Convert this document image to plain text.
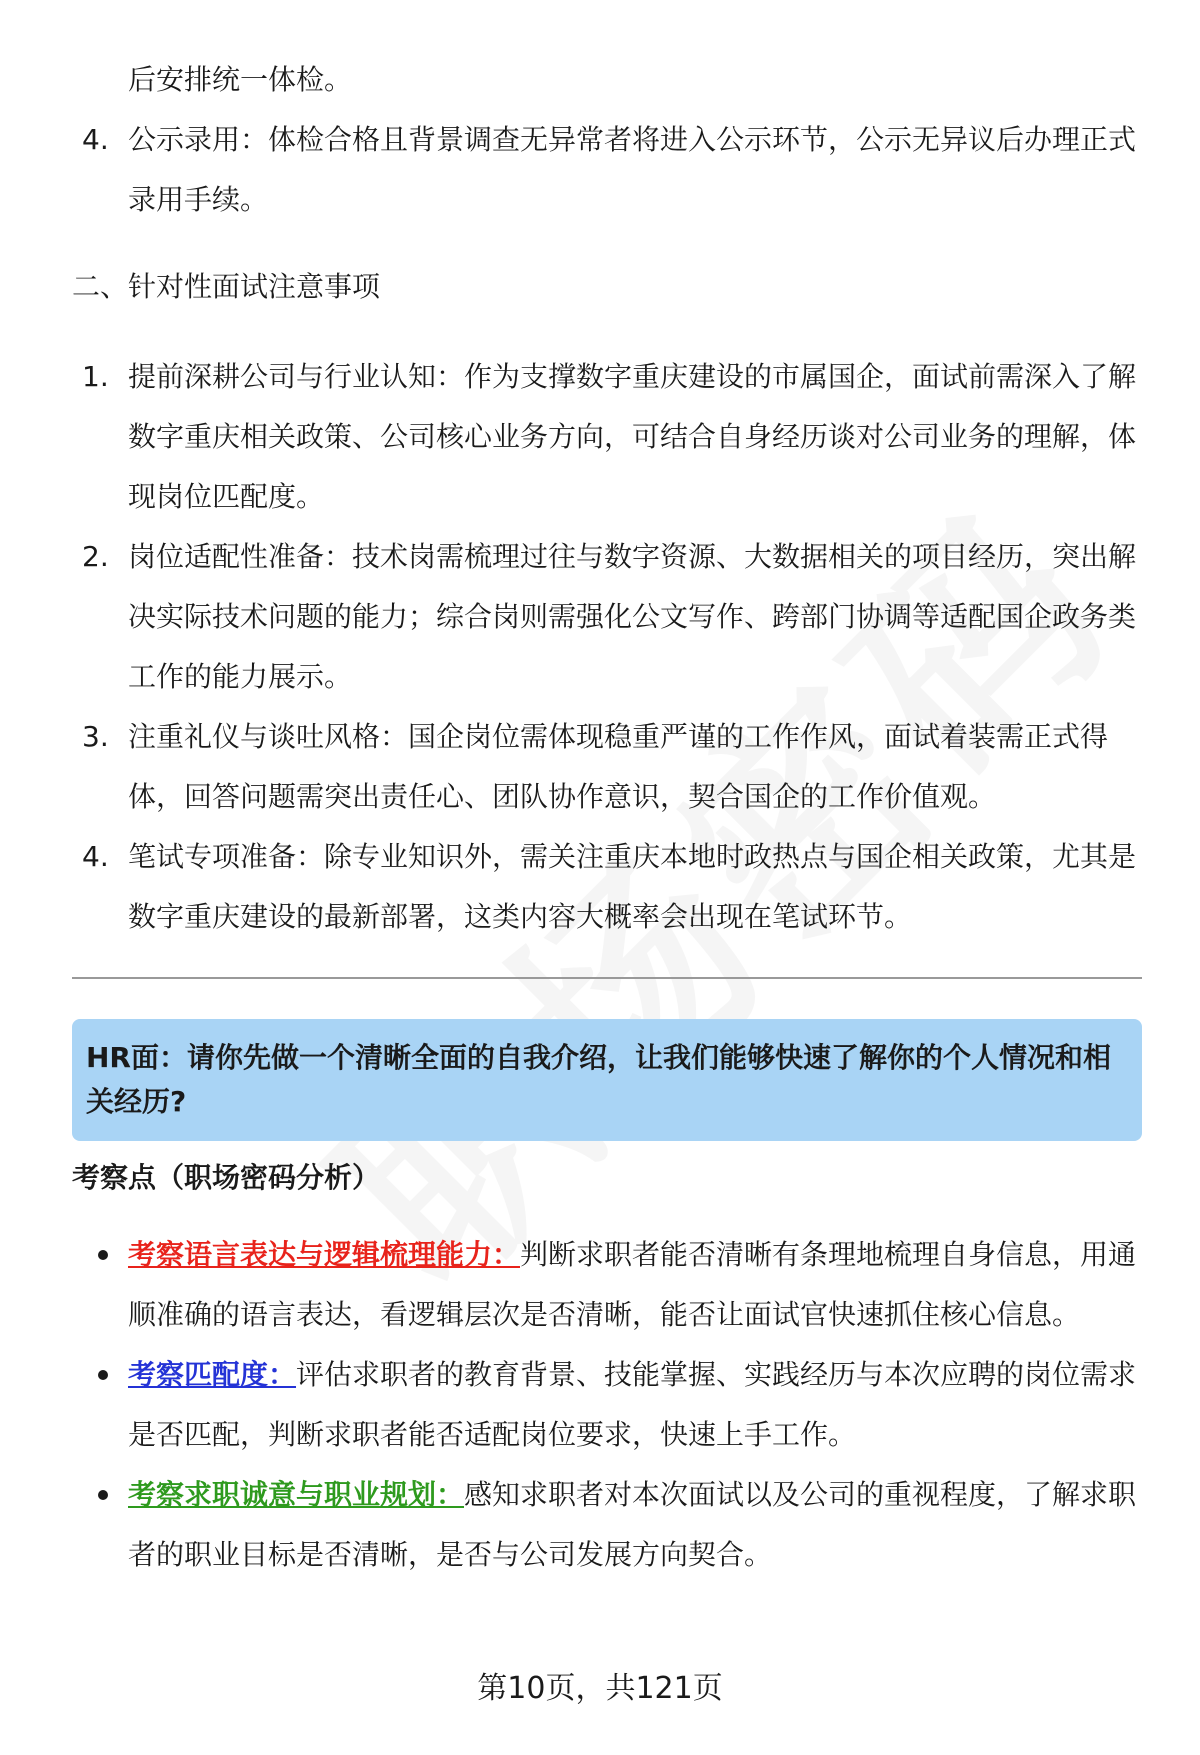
后安排统一体检。
4. 公示录用：体检合格且背景调查无异常者将进入公示环节，公示无异议后办理正式录用手续。
二、针对性面试注意事项
1. 提前深耕公司与行业认知：作为支撑数字重庆建设的市属国企，面试前需深入了解数字重庆相关政策、公司核心业务方向，可结合自身经历谈对公司业务的理解，体现岗位匹配度。
2. 岗位适配性准备：技术岗需梳理过往与数字资源、大数据相关的项目经历，突出解决实际技术问题的能力；综合岗则需强化公文写作、跨部门协调等适配国企政务类工作的能力展示。
3. 注重礼仪与谈吐风格：国企岗位需体现稳重严谨的工作作风，面试着装需正式得体，回答问题需突出责任心、团队协作意识，契合国企的工作价值观。
4. 笔试专项准备：除专业知识外，需关注重庆本地时政热点与国企相关政策，尤其是数字重庆建设的最新部署，这类内容大概率会出现在笔试环节。
HR面：请你先做一个清晰全面的自我介绍，让我们能够快速了解你的个人情况和相关经历?
考察点（职场密码分析）
考察语言表达与逻辑梳理能力：判断求职者能否清晰有条理地梳理自身信息，用通顺准确的语言表达，看逻辑层次是否清晰，能否让面试官快速抓住核心信息。
考察匹配度：评估求职者的教育背景、技能掌握、实践经历与本次应聘的岗位需求是否匹配，判断求职者能否适配岗位要求，快速上手工作。
考察求职诚意与职业规划：感知求职者对本次面试以及公司的重视程度，了解求职者的职业目标是否清晰，是否与公司发展方向契合。
第10页，共121页
